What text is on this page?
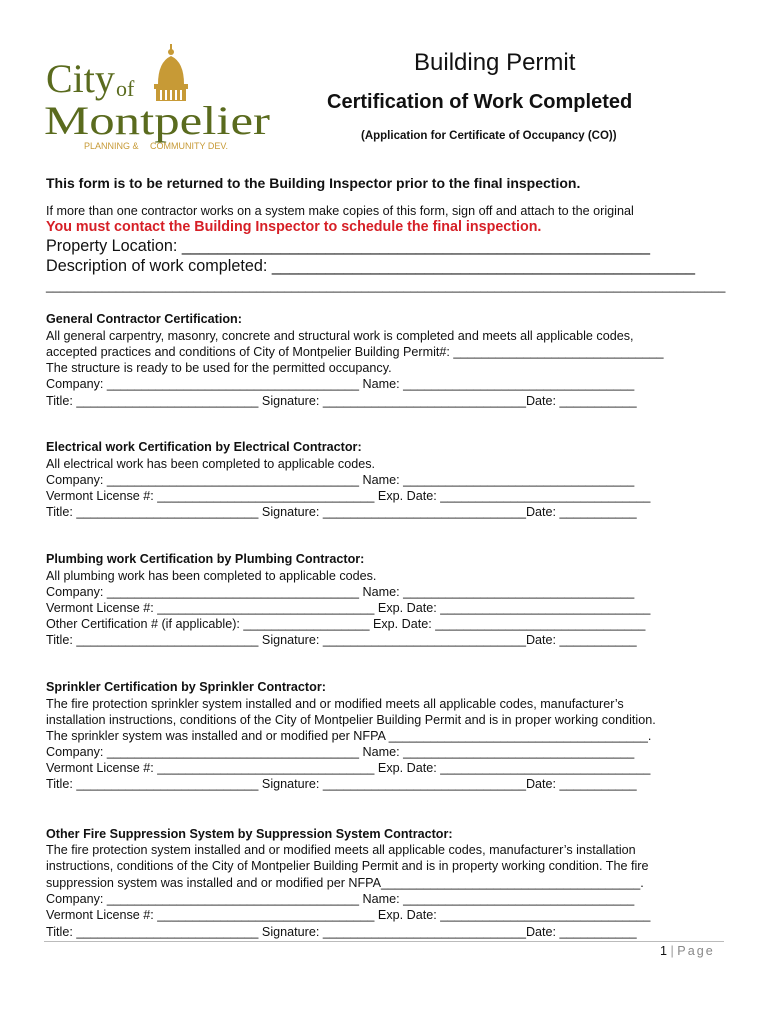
City of
Montpelier
PLANNING & COMMUNITY DEV.
Building Permit
Certification of Work Completed
(Application for Certificate of Occupancy (CO))
This form is to be returned to the Building Inspector prior to the final inspection.
If more than one contractor works on a system make copies of this form, sign off and attach to the original
You must contact the Building Inspector to schedule the final inspection.
Property Location: ____________________________________________________
Description of work completed: _______________________________________________
_________________________________________________________________________________________________
General Contractor Certification:
All general carpentry, masonry, concrete and structural work is completed and meets all applicable codes,
accepted practices and conditions of City of Montpelier Building Permit#: ______________________________
The structure is ready to be used for the permitted occupancy.
Company: ____________________________________ Name: _________________________________
Title: __________________________ Signature: _____________________________Date: ___________
Electrical work Certification by Electrical Contractor:
All electrical work has been completed to applicable codes.
Company: ____________________________________ Name: _________________________________
Vermont License #: _______________________________ Exp. Date: ______________________________
Title: __________________________ Signature: _____________________________Date: ___________
Plumbing work Certification by Plumbing Contractor:
All plumbing work has been completed to applicable codes.
Company: ____________________________________ Name: _________________________________
Vermont License #: _______________________________ Exp. Date: ______________________________
Other Certification # (if applicable): __________________ Exp. Date: ______________________________
Title: __________________________ Signature: _____________________________Date: ___________
Sprinkler Certification by Sprinkler Contractor:
The fire protection sprinkler system installed and or modified meets all applicable codes, manufacturer’s
installation instructions, conditions of the City of Montpelier Building Permit and is in proper working condition.
The sprinkler system was installed and or modified per NFPA _____________________________________.
Company: ____________________________________ Name: _________________________________
Vermont License #: _______________________________ Exp. Date: ______________________________
Title: __________________________ Signature: _____________________________Date: ___________
Other Fire Suppression System by Suppression System Contractor:
The fire protection system installed and or modified meets all applicable codes, manufacturer’s installation
instructions, conditions of the City of Montpelier Building Permit and is in property working condition. The fire
suppression system was installed and or modified per NFPA_____________________________________.
Company: ____________________________________ Name: _________________________________
Vermont License #: _______________________________ Exp. Date: ______________________________
Title: __________________________ Signature: _____________________________Date: ___________
1 | Page
